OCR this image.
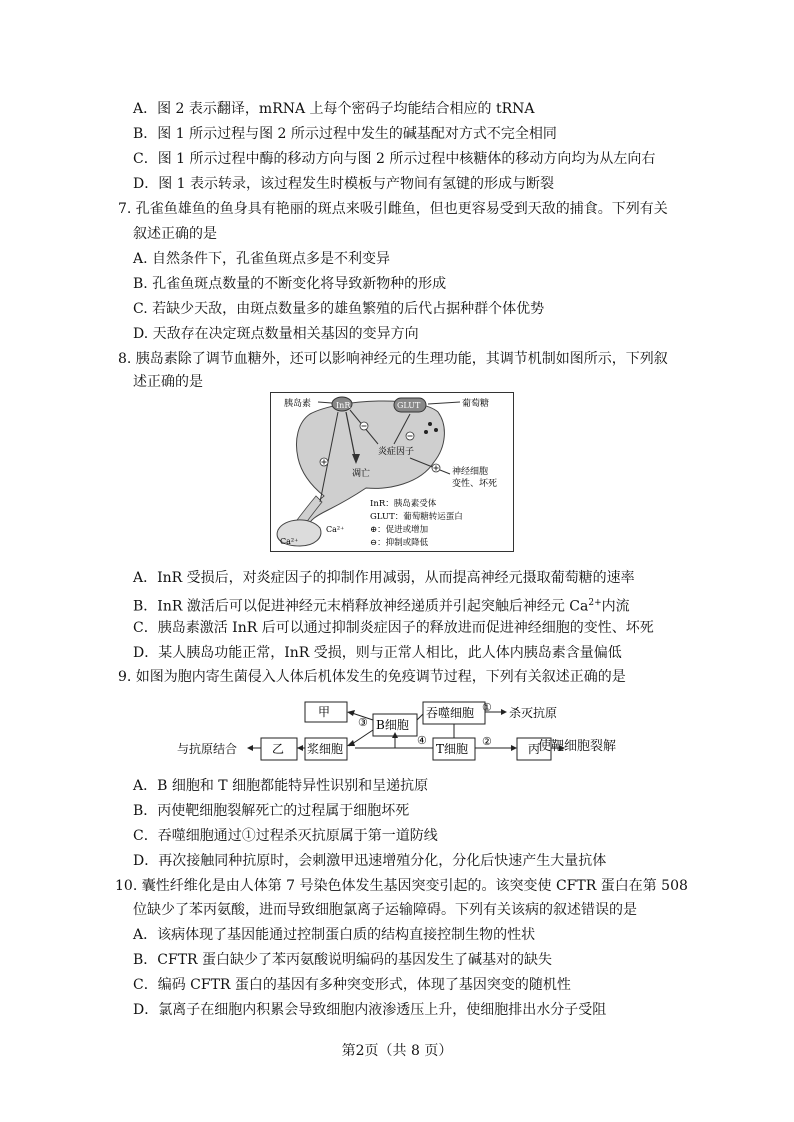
A．图 2 表示翻译，mRNA 上每个密码子均能结合相应的 tRNA
B．图 1 所示过程与图 2 所示过程中发生的碱基配对方式不完全相同
C．图 1 所示过程中酶的移动方向与图 2 所示过程中核糖体的移动方向均为从左向右
D．图 1 表示转录，该过程发生时模板与产物间有氢键的形成与断裂
7. 孔雀鱼雄鱼的鱼身具有艳丽的斑点来吸引雌鱼，但也更容易受到天敌的捕食。下列有关
叙述正确的是
A. 自然条件下，孔雀鱼斑点多是不利变异
B. 孔雀鱼斑点数量的不断变化将导致新物种的形成
C. 若缺少天敌，由斑点数量多的雄鱼繁殖的后代占据种群个体优势
D. 天敌存在决定斑点数量相关基因的变异方向
8. 胰岛素除了调节血糖外，还可以影响神经元的生理功能，其调节机制如图所示，下列叙
述正确的是
InR
胰岛素	GLUT	葡萄糖
炎症因子
凋亡	神经细胞
变性、坏死
InR：胰岛素受体
GLUT：葡萄糖转运蛋白
⊕：促进或增加
⊖：抑制或降低
Ca²⁺
Ca²⁺
A．InR 受损后，对炎症因子的抑制作用减弱，从而提高神经元摄取葡萄糖的速率
B．InR 激活后可以促进神经元末梢释放神经递质并引起突触后神经元 $Ca^{2+}$内流
C．胰岛素激活 InR 后可以通过抑制炎症因子的释放进而促进神经细胞的变性、坏死
D．某人胰岛功能正常，InR 受损，则与正常人相比，此人体内胰岛素含量偏低
9. 如图为胞内寄生菌侵入人体后机体发生的免疫调节过程，下列有关叙述正确的是
甲
B细胞
③
吞噬细胞 ① 杀灭抗原
与抗原结合	乙 浆细胞
④
T细胞
②
丙
使靶细胞裂解
A．B 细胞和 T 细胞都能特异性识别和呈递抗原
B．丙使靶细胞裂解死亡的过程属于细胞坏死
C．吞噬细胞通过①过程杀灭抗原属于第一道防线
D．再次接触同种抗原时，会刺激甲迅速增殖分化，分化后快速产生大量抗体
10. 囊性纤维化是由人体第 7 号染色体发生基因突变引起的。该突变使 CFTR 蛋白在第 508
位缺少了苯丙氨酸，进而导致细胞氯离子运输障碍。下列有关该病的叙述错误的是
A．该病体现了基因能通过控制蛋白质的结构直接控制生物的性状
B．CFTR 蛋白缺少了苯丙氨酸说明编码的基因发生了碱基对的缺失
C．编码 CFTR 蛋白的基因有多种突变形式，体现了基因突变的随机性
D．氯离子在细胞内积累会导致细胞内液渗透压上升，使细胞排出水分子受阻
第2页（共 8 页）
